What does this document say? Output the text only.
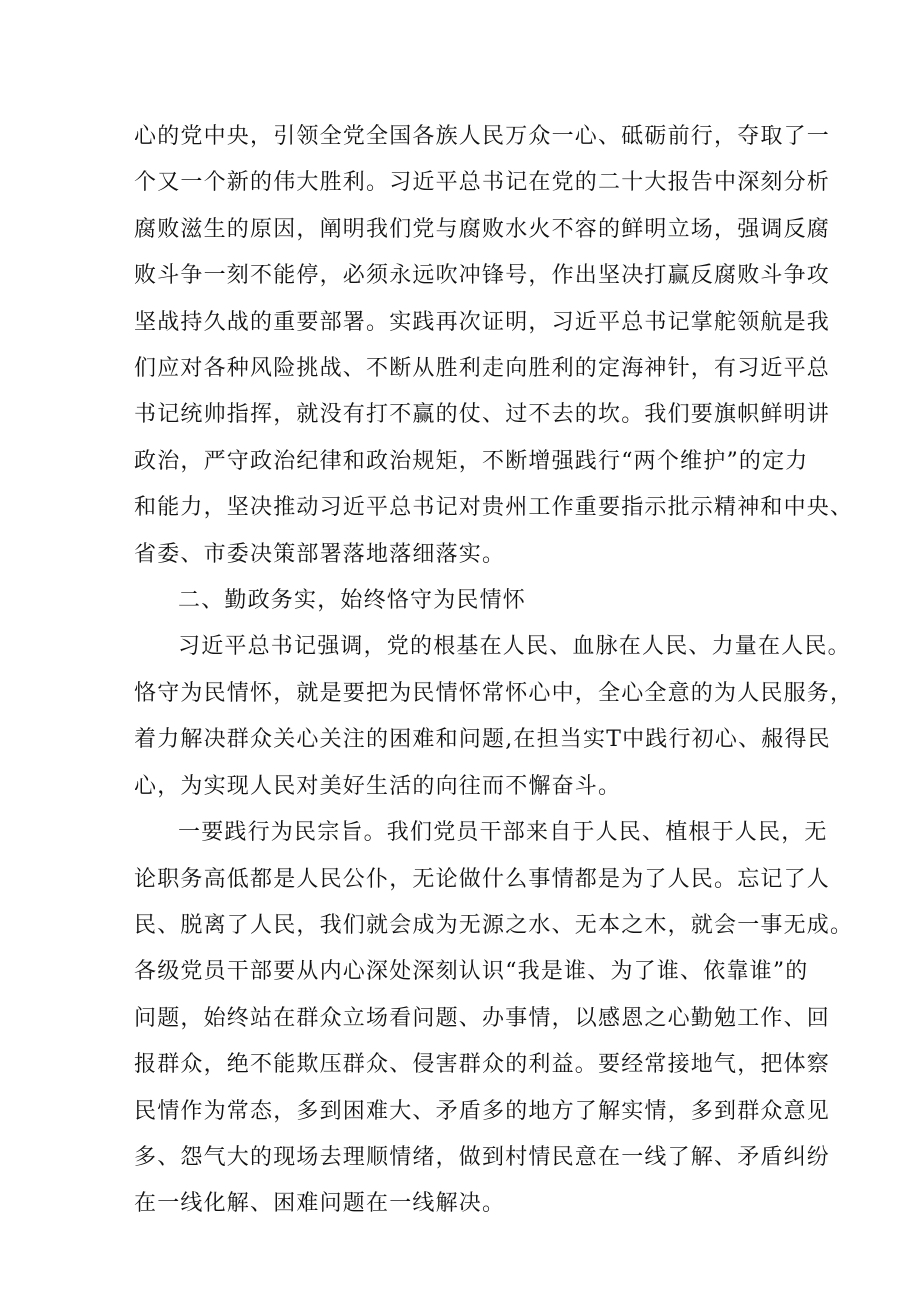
心的党中央，引领全党全国各族人民万众一心、砥砺前行，夺取了一
个又一个新的伟大胜利。习近平总书记在党的二十大报告中深刻分析
腐败滋生的原因，阐明我们党与腐败水火不容的鲜明立场，强调反腐
败斗争一刻不能停，必须永远吹冲锋号，作出坚决打赢反腐败斗争攻
坚战持久战的重要部署。实践再次证明，习近平总书记掌舵领航是我
们应对各种风险挑战、不断从胜利走向胜利的定海神针，有习近平总
书记统帅指挥，就没有打不赢的仗、过不去的坎。我们要旗帜鲜明讲
政治，严守政治纪律和政治规矩，不断增强践行“两个维护”的定力
和能力，坚决推动习近平总书记对贵州工作重要指示批示精神和中央、
省委、市委决策部署落地落细落实。

二、勤政务实，始终恪守为民情怀

习近平总书记强调，党的根基在人民、血脉在人民、力量在人民。
恪守为民情怀，就是要把为民情怀常怀心中，全心全意的为人民服务，
着力解决群众关心关注的困难和问题,在担当实T中践行初心、赧得民
心，为实现人民对美好生活的向往而不懈奋斗。

一要践行为民宗旨。我们党员干部来自于人民、植根于人民，无
论职务高低都是人民公仆，无论做什么事情都是为了人民。忘记了人
民、脱离了人民，我们就会成为无源之水、无本之木，就会一事无成。
各级党员干部要从内心深处深刻认识“我是谁、为了谁、依靠谁”的
问题，始终站在群众立场看问题、办事情，以感恩之心勤勉工作、回
报群众，绝不能欺压群众、侵害群众的利益。要经常接地气，把体察
民情作为常态，多到困难大、矛盾多的地方了解实情，多到群众意见
多、怨气大的现场去理顺情绪，做到村情民意在一线了解、矛盾纠纷
在一线化解、困难问题在一线解决。
